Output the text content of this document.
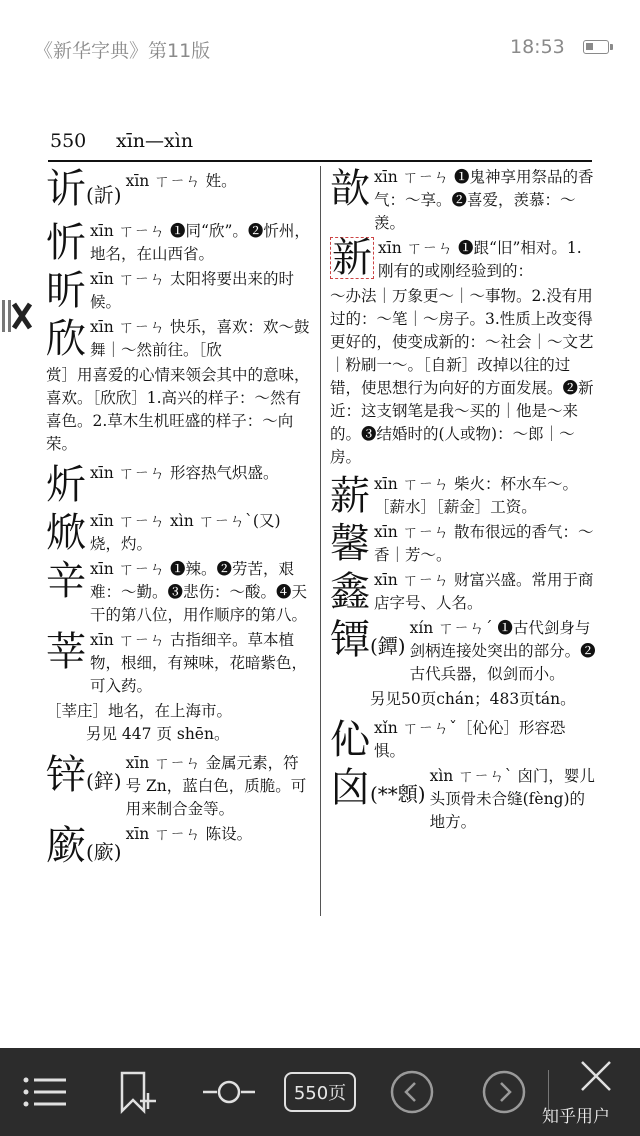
《新华字典》第11版	18:53
550 xīn—xìn
䜣(訢)
xīn ㄒㄧㄣ 姓。
忻 xīn ㄒㄧㄣ ❶同“欣”。❷忻州，地名，在山西省。
昕 xīn ㄒㄧㄣ 太阳将要出来的时候。
欣 xīn ㄒㄧㄣ 快乐，喜欢：欢～鼓舞｜～然前往。［欣
赏］用喜爱的心情来领会其中的意味，喜欢。［欣欣］1.高兴的样子：～然有喜色。2.草木生机旺盛的样子：～向荣。
炘 xīn ㄒㄧㄣ 形容热气炽盛。
焮 xīn ㄒㄧㄣ xìn ㄒㄧㄣˋ(又) 烧，灼。
辛 xīn ㄒㄧㄣ ❶辣。❷劳苦，艰难：～勤。❸悲伤：～酸。❹天干的第八位，用作顺序的第八。
莘 xīn ㄒㄧㄣ 古指细辛。草本植物，根细，有辣味，花暗紫色，可入药。
［莘庄］地名，在上海市。
另见 447 页 shēn。
锌(鋅)
xīn ㄒㄧㄣ 金属元素，符号 Zn，蓝白色，质脆。可用来制合金等。
廞(廞)
xīn ㄒㄧㄣ 陈设。
歆 xīn ㄒㄧㄣ ❶鬼神享用祭品的香气：～享。❷喜爱，羡慕：～羡。
新 xīn ㄒㄧㄣ ❶跟“旧”相对。1.刚有的或刚经验到的：
～办法｜万象更～｜～事物。2.没有用过的：～笔｜～房子。3.性质上改变得更好的，使变成新的：～社会｜～文艺｜粉刷一～。［自新］改掉以往的过错，使思想行为向好的方面发展。❷新近：这支钢笔是我～买的｜他是～来的。❸结婚时的(人或物)：～郎｜～房。
薪 xīn ㄒㄧㄣ 柴火：杯水车～。［薪水］［薪金］工资。
馨 xīn ㄒㄧㄣ 散布很远的香气：～香｜芳～。
鑫 xīn ㄒㄧㄣ 财富兴盛。常用于商店字号、人名。
镡(鐔)
xín ㄒㄧㄣˊ ❶古代剑身与剑柄连接处突出的部分。❷古代兵器，似剑而小。
另见50页chán；483页tán。
伈 xǐn ㄒㄧㄣˇ［伈伈］形容恐惧。
囟(**顖)
xìn ㄒㄧㄣˋ 囟门，婴儿头顶骨未合缝(fèng)的地方。
550页
知乎用户
